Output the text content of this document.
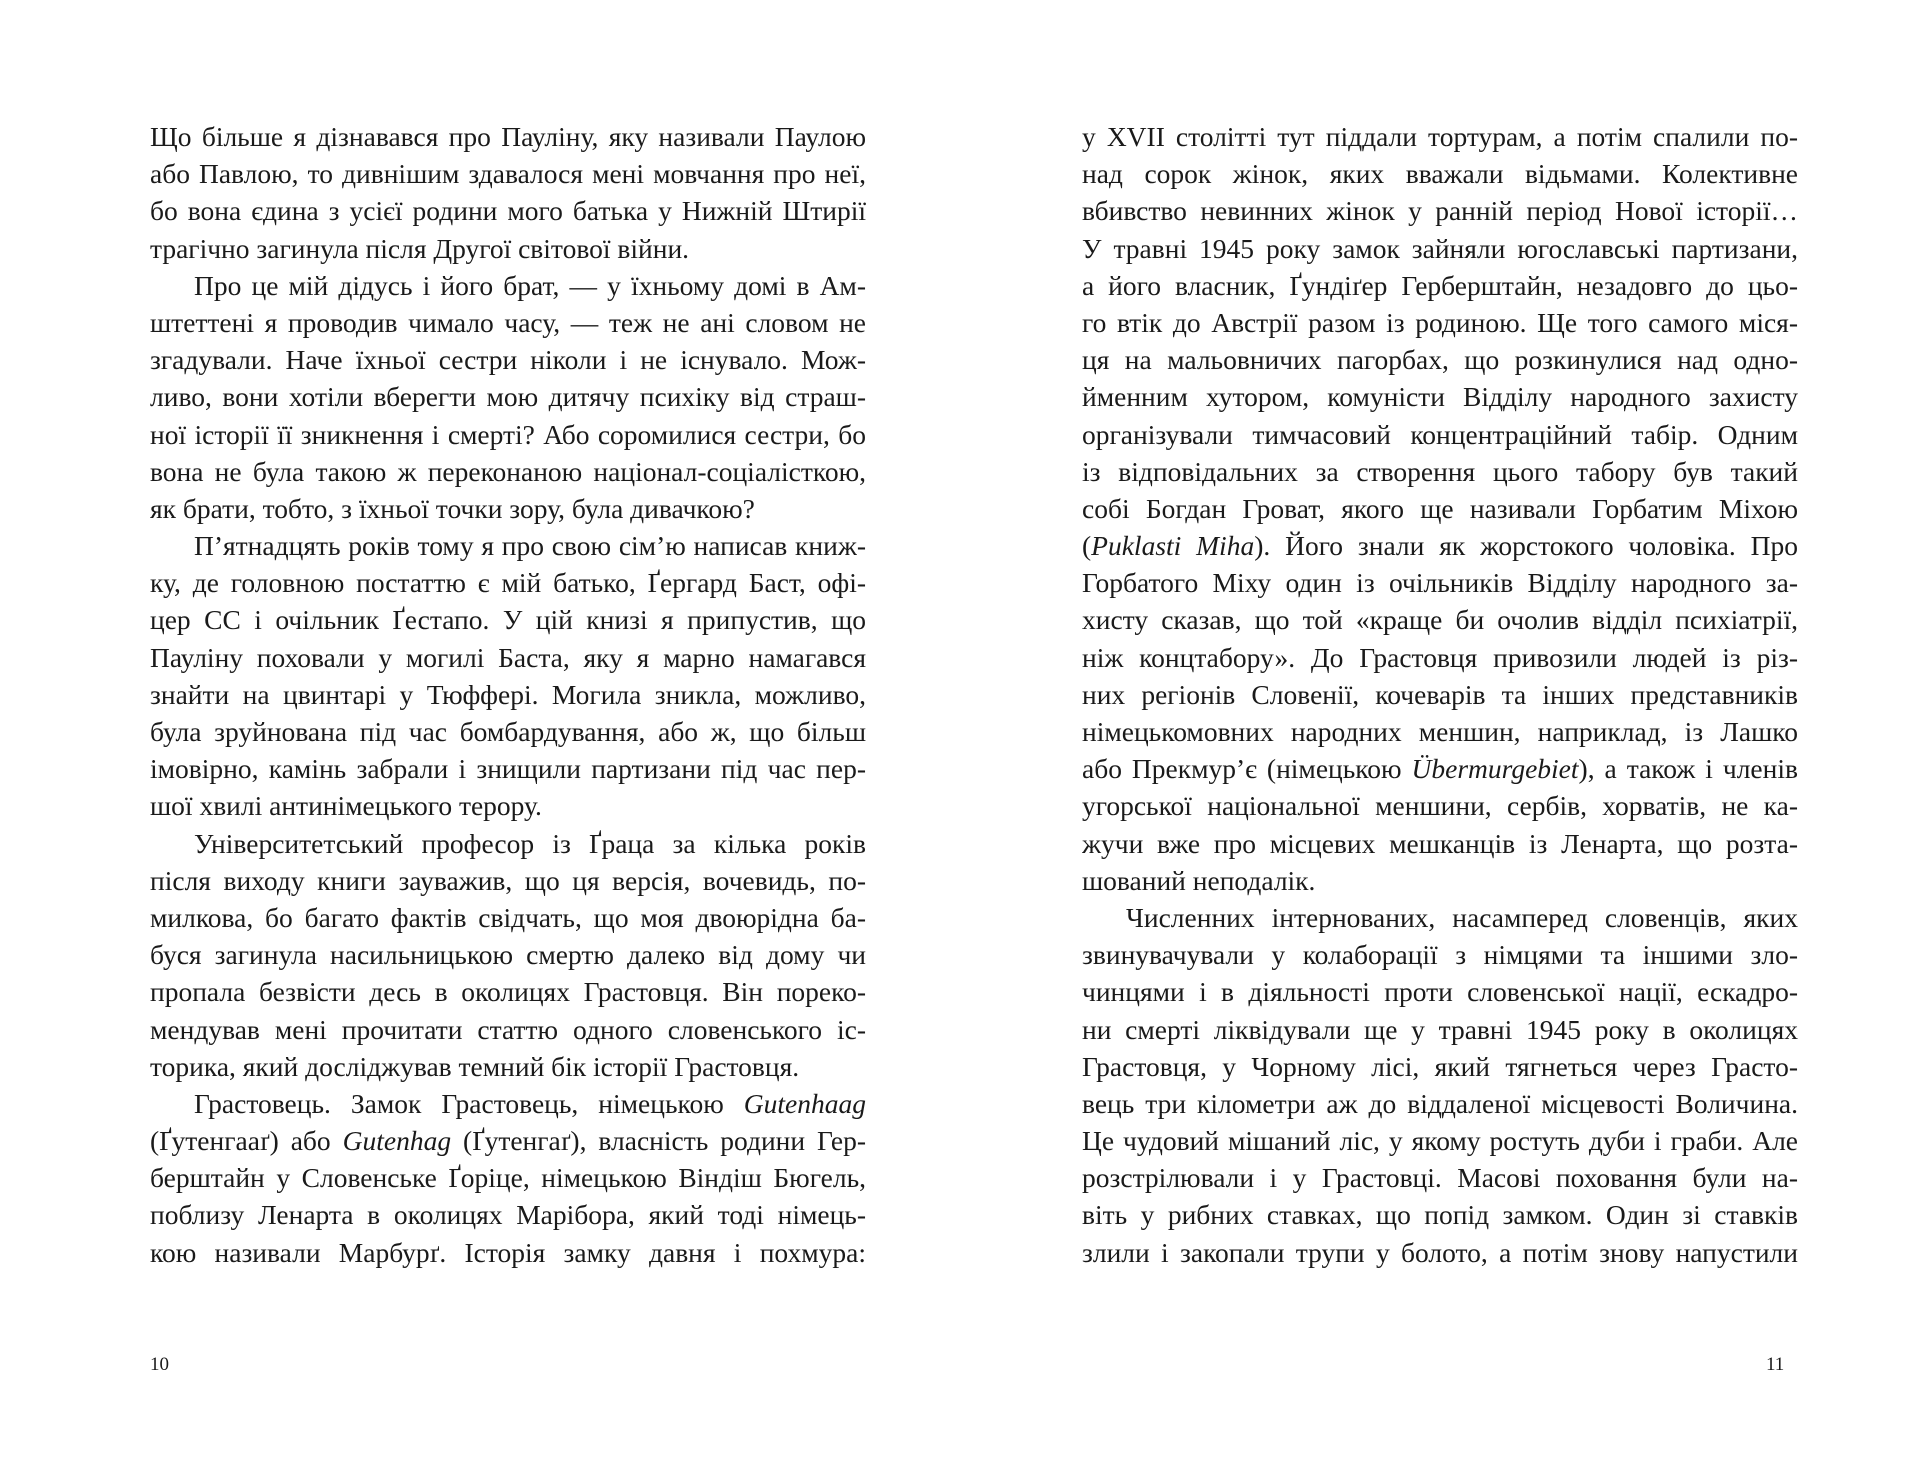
Що більше я дізнавався про Пауліну, яку називали Паулою
або Павлою, то дивнішим здавалося мені мовчання про неї,
бо вона єдина з усієї родини мого батька у Нижній Штирії
трагічно загинула після Другої світової війни.
Про це мій дідусь і його брат, — у їхньому домі в Ам-
штеттені я проводив чимало часу, — теж не ані словом не
згадували. Наче їхньої сестри ніколи і не існувало. Мож-
ливо, вони хотіли вберегти мою дитячу психіку від страш-
ної історії її зникнення і смерті? Або соромилися сестри, бо
вона не була такою ж переконаною націонал-соціалісткою,
як брати, тобто, з їхньої точки зору, була дивачкою?
П’ятнадцять років тому я про свою сім’ю написав книж-
ку, де головною постаттю є мій батько, Ґергард Баст, офі-
цер СС і очільник Ґестапо. У цій книзі я припустив, що
Пауліну поховали у могилі Баста, яку я марно намагався
знайти на цвинтарі у Тюффері. Могила зникла, можливо,
була зруйнована під час бомбардування, або ж, що більш
імовірно, камінь забрали і знищили партизани під час пер-
шої хвилі антинімецького терору.
Університетський професор із Ґраца за кілька років
після виходу книги зауважив, що ця версія, вочевидь, по-
милкова, бо багато фактів свідчать, що моя двоюрідна ба-
буся загинула насильницькою смертю далеко від дому чи
пропала безвісти десь в околицях Грастовця. Він пореко-
мендував мені прочитати статтю одного словенського іс-
торика, який досліджував темний бік історії Грастовця.
Грастовець. Замок Грастовець, німецькою Gutenhaag
(Ґутенгааґ) або Gutenhag (Ґутенгаґ), власність родини Гер-
берштайн у Словенське Ґоріце, німецькою Віндіш Бюгель,
поблизу Ленарта в околицях Марібора, який тоді німець-
кою називали Марбурґ. Історія замку давня і похмура:
у XVII столітті тут піддали тортурам, а потім спалили по-
над сорок жінок, яких вважали відьмами. Колективне
вбивство невинних жінок у ранній період Нової історії…
У травні 1945 року замок зайняли югославські партизани,
а його власник, Ґундіґер Герберштайн, незадовго до цьо-
го втік до Австрії разом із родиною. Ще того самого міся-
ця на мальовничих пагорбах, що розкинулися над одно-
йменним хутором, комуністи Відділу народного захисту
організували тимчасовий концентраційний табір. Одним
із відповідальних за створення цього табору був такий
собі Богдан Гроват, якого ще називали Горбатим Міхою
(Puklasti Miha). Його знали як жорстокого чоловіка. Про
Горбатого Міху один із очільників Відділу народного за-
хисту сказав, що той «краще би очолив відділ психіатрії,
ніж концтабору». До Грастовця привозили людей із різ-
них регіонів Словенії, кочеварів та інших представників
німецькомовних народних меншин, наприклад, із Лашко
або Прекмур’є (німецькою Übermurgebiet), а також і членів
угорської національної меншини, сербів, хорватів, не ка-
жучи вже про місцевих мешканців із Ленарта, що розта-
шований неподалік.
Численних інтернованих, насамперед словенців, яких
звинувачували у колаборації з німцями та іншими зло-
чинцями і в діяльності проти словенської нації, ескадро-
ни смерті ліквідували ще у травні 1945 року в околицях
Грастовця, у Чорному лісі, який тягнеться через Грасто-
вець три кілометри аж до віддаленої місцевості Воличина.
Це чудовий мішаний ліс, у якому ростуть дуби і граби. Але
розстрілювали і у Грастовці. Масові поховання були на-
віть у рибних ставках, що попід замком. Один зі ставків
злили і закопали трупи у болото, а потім знову напустили
10	11
